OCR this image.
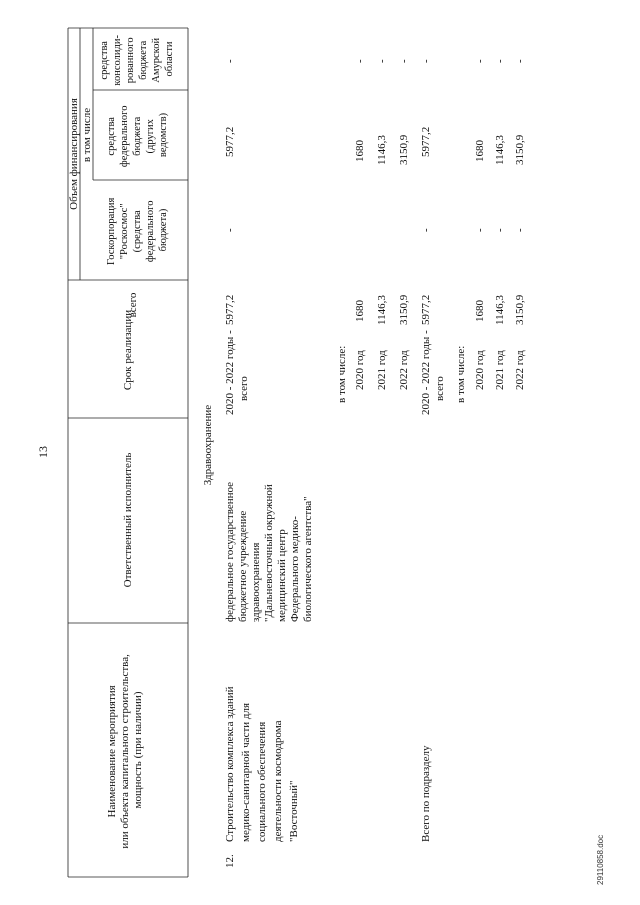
13
Наименование мероприятия или объекта капитального строительства, мощность (при наличии)
Ответственный исполнитель
Срок реализации
Объем финансирования
всего
в том числе
Госкорпорация "Роскосмос" (средства федерального бюджета)
средства федерального бюджета (других ведомств)
средства консолиди- рованного бюджета Амурской области
Здравоохранение
12.
Строительство комплекса зданий медико-санитарной части для социального обеспечения деятельности космодрома "Восточный"
федеральное государственное бюджетное учреждение здравоохранения "Дальневосточный окружной медицинский центр Федерального медико- биологического агентства"
2020 - 2022 годы - всего
5977,2
-
5977,2
-
в том числе: 2020 год
1680
1680
-
2021 год
1146,3
1146,3
-
2022 год
3150,9
3150,9
-
Всего по подразделу
2020 - 2022 годы - всего
5977,2
-
5977,2
-
в том числе: 2020 год
1680
-
1680
-
2021 год
1146,3
-
1146,3
-
2022 год
3150,9
-
3150,9
-
29110858.doc
